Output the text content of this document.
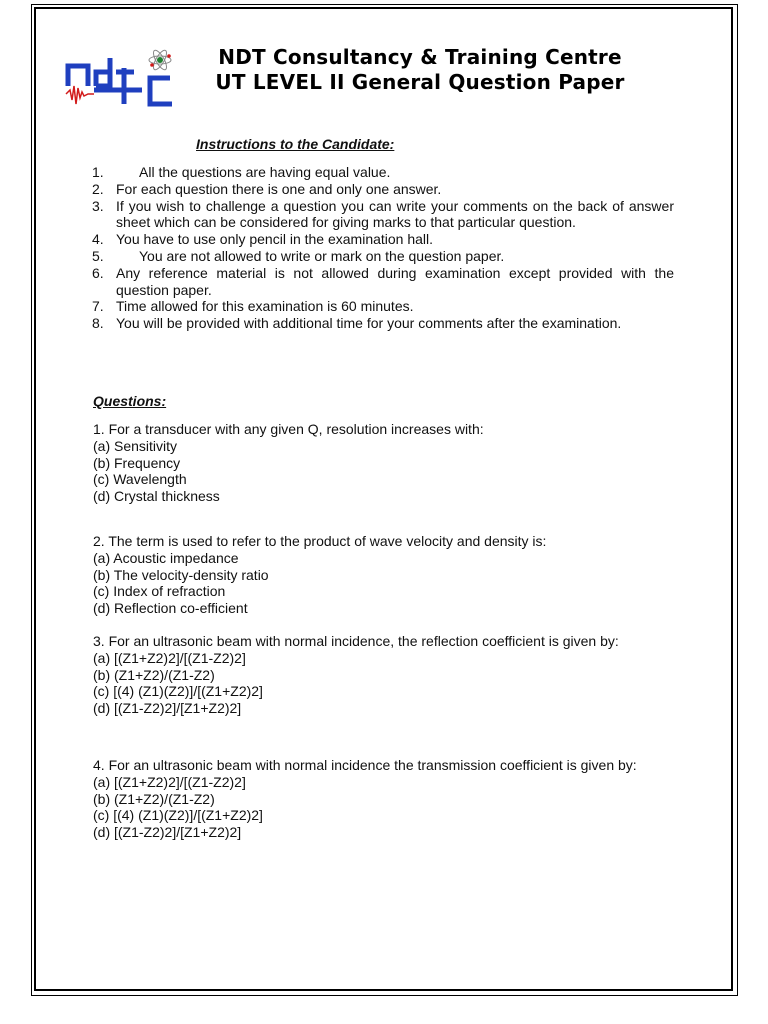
NDT Consultancy & Training Centre
UT LEVEL II General Question Paper
Instructions to the Candidate:
1.	All the questions are having equal value.
2. For each question there is one and only one answer.
3. If you wish to challenge a question you can write your comments on the back of answer sheet which can be considered for giving marks to that particular question.
4. You have to use only pencil in the examination hall.
5.	You are not allowed to write or mark on the question paper.
6. Any reference material is not allowed during examination except provided with the question paper.
7. Time allowed for this examination is 60 minutes.
8. You will be provided with additional time for your comments after the examination.
Questions:

1. For a transducer with any given Q, resolution increases with:

(a) Sensitivity

(b) Frequency

(c) Wavelength

(d) Crystal thickness

2. The term is used to refer to the product of wave velocity and density is:

(a) Acoustic impedance

(b) The velocity-density ratio

(c) Index of refraction

(d) Reflection co-efficient

3. For an ultrasonic beam with normal incidence, the reflection coefficient is given by:

(a) [(Z1+Z2)2]/[(Z1-Z2)2]

(b) (Z1+Z2)/(Z1-Z2)

(c) [(4) (Z1)(Z2)]/[(Z1+Z2)2]

(d) [(Z1-Z2)2]/[Z1+Z2)2]

4. For an ultrasonic beam with normal incidence the transmission coefficient is given by:

(a) [(Z1+Z2)2]/[(Z1-Z2)2]

(b) (Z1+Z2)/(Z1-Z2)

(c) [(4) (Z1)(Z2)]/[(Z1+Z2)2]

(d) [(Z1-Z2)2]/[Z1+Z2)2]
